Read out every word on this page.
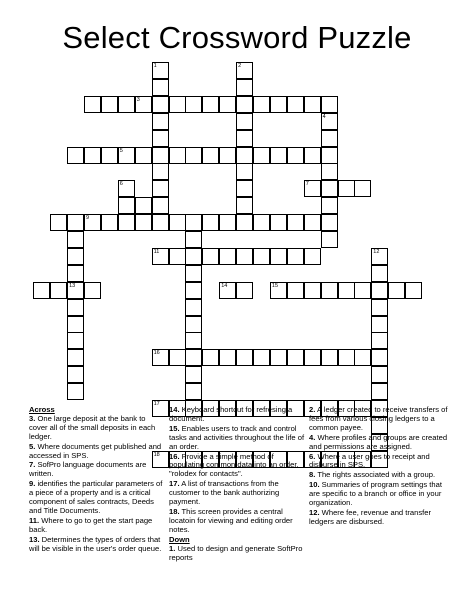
Select Crossword Puzzle
1	2
3
4
5
6	7
9
11	12
13	14	15
16
17
18
Across
3. One large deposit at the bank to cover all of the small deposits in each ledger.
5. Where documents get published and accessed in SPS.
7. SofPro language documents are written.
9. identifies the particular parameters of a piece of a property and is a critical component of sales contracts, Deeds and Title Documents.
11. Where to go to get the start page back.
13. Determines the types of orders that will be visible in the user's order queue.
14. Keyboard shortcut for refresing a document.
15. Enables users to track and control tasks and activities throughout the life of an order.
16. Provide a simple method of populating common data into an order. "rolodex for contacts".
17. A list of transactions from the customer to the bank authorizing payment.
18. This screen provides a central locatoin for viewing and editing order notes.
Down
1. Used to design and generate SoftPro reports
2. A ledger created to receive transfers of fees from various closing ledgers to a common payee.
4. Where profiles and groups are created and permissions are assigned.
6. Where a user goes to receipt and disburse in SPS.
8. The rights associated with a group.
10. Summaries of program settings that are specific to a branch or office in your organization.
12. Where fee, revenue and transfer ledgers are disbursed.
